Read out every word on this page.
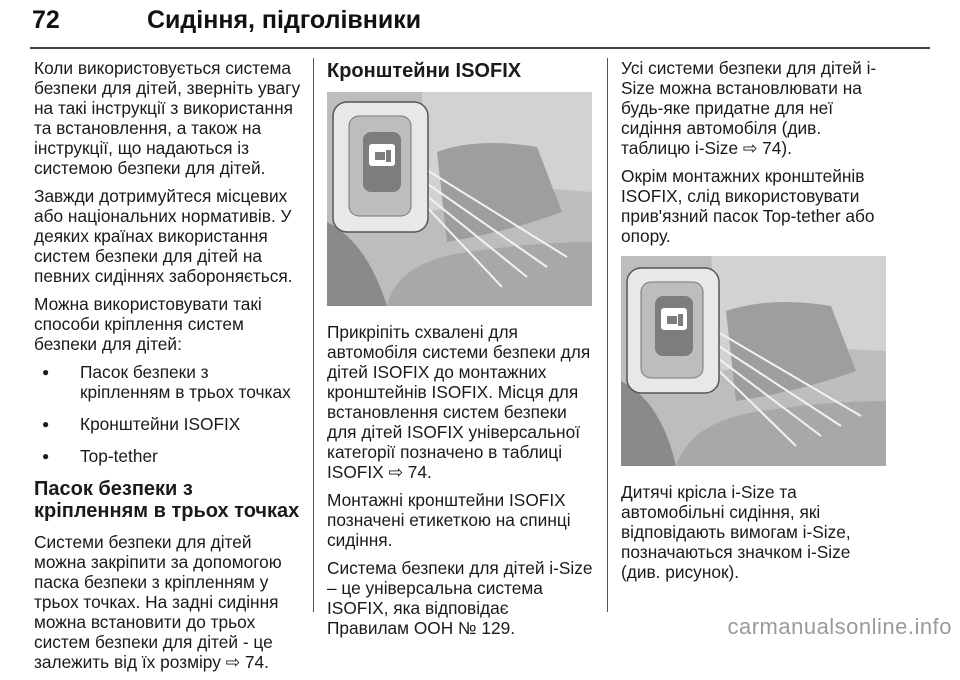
72	Сидіння, підголівники

Коли використовується система безпеки для дітей, зверніть увагу на такі інструкції з використання та встановлення, а також на інструкції, що надаються із системою безпеки для дітей.

Завжди дотримуйтеся місцевих або національних нормативів. У деяких країнах використання систем безпеки для дітей на певних сидіннях забороняється.

Можна використовувати такі способи кріплення систем безпеки для дітей:

● Пасок безпеки з кріпленням в трьох точках
● Кронштейни ISOFIX
● Top-tether
Пасок безпеки з кріпленням в трьох точках

Системи безпеки для дітей можна закріпити за допомогою паска безпеки з кріпленням у трьох точках. На задні сидіння можна встановити до трьох систем безпеки для дітей - це залежить від їх розміру ⇨ 74.

Кронштейни ISOFIX

Прикріпіть схвалені для автомобіля системи безпеки для дітей ISOFIX до монтажних кронштейнів ISOFIX. Місця для встановлення систем безпеки для дітей ISOFIX універсальної категорії позначено в таблиці ISOFIX ⇨ 74.

Монтажні кронштейни ISOFIX позначені етикеткою на спинці сидіння.

Система безпеки для дітей i-Size – це універсальна система ISOFIX, яка відповідає Правилам ООН № 129.

Усі системи безпеки для дітей i-Size можна встановлювати на будь-яке придатне для неї сидіння автомобіля (див. таблицю i-Size ⇨ 74).

Окрім монтажних кронштейнів ISOFIX, слід використовувати прив'язний пасок Top-tether або опору.

Дитячі крісла i-Size та автомобільні сидіння, які відповідають вимогам i-Size, позначаються значком i-Size (див. рисунок).

carmanualsonline.info
